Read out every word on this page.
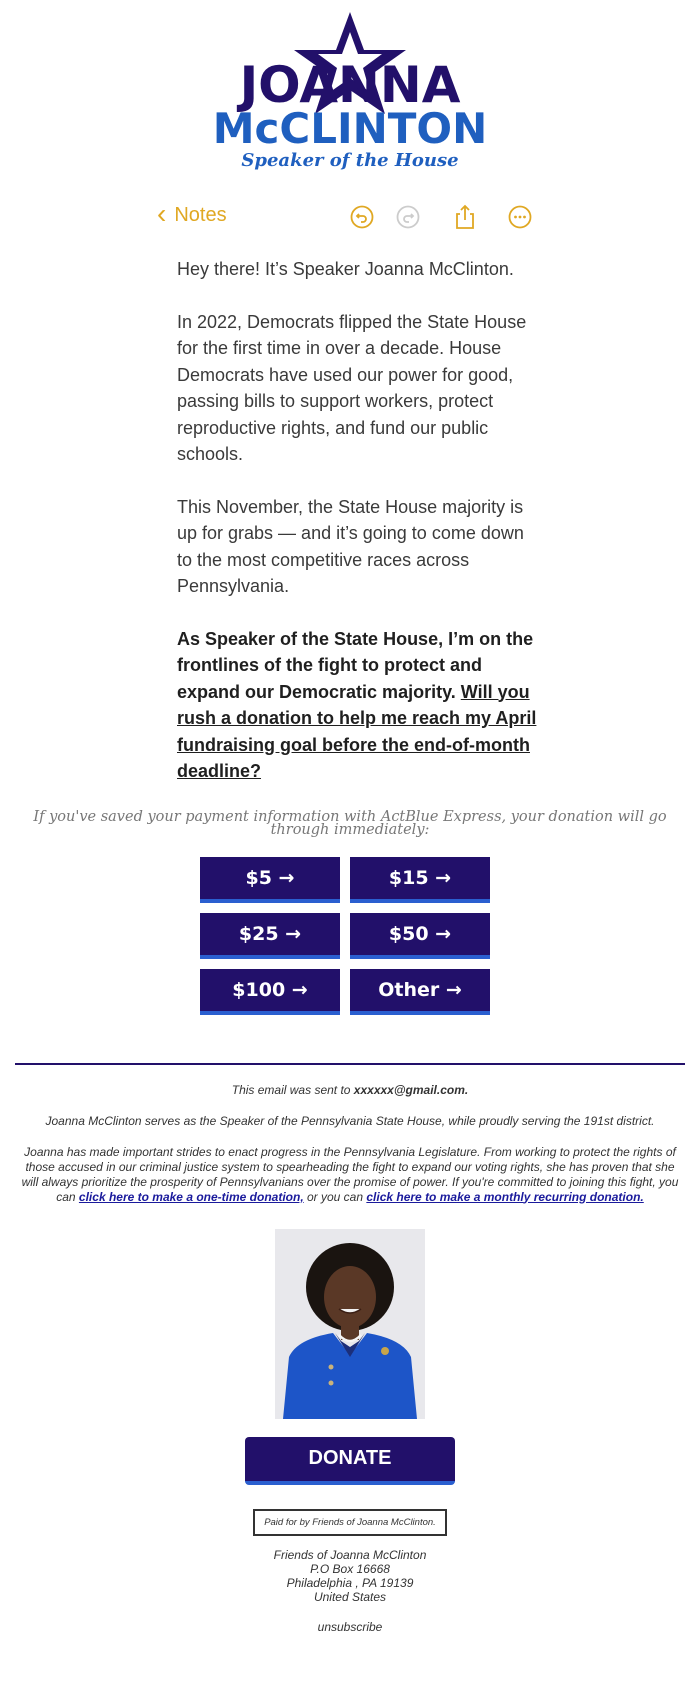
JOANNA
McCLINTON
Speaker of the House
‹ Notes

Hey there! It’s Speaker Joanna McClinton.

In 2022, Democrats flipped the State House for the first time in over a decade. House Democrats have used our power for good, passing bills to support workers, protect reproductive rights, and fund our public schools.

This November, the State House majority is up for grabs — and it’s going to come down to the most competitive races across Pennsylvania.

As Speaker of the State House, I’m on the frontlines of the fight to protect and expand our Democratic majority. Will you rush a donation to help me reach my April fundraising goal before the end-of-month deadline?

If you've saved your payment information with ActBlue Express, your donation will go through immediately:
$5 →	$15 →
$25 →	$50 →
$100 →	Other →

This email was sent to xxxxxx@gmail.com.

Joanna McClinton serves as the Speaker of the Pennsylvania State House, while proudly serving the 191st district.

Joanna has made important strides to enact progress in the Pennsylvania Legislature. From working to protect the rights of those accused in our criminal justice system to spearheading the fight to expand our voting rights, she has proven that she will always prioritize the prosperity of Pennsylvanians over the promise of power. If you're committed to joining this fight, you can click here to make a one-time donation, or you can click here to make a monthly recurring donation.

DONATE
Paid for by Friends of Joanna McClinton.
Friends of Joanna McClinton
P.O Box 16668
Philadelphia , PA 19139
United States
unsubscribe
